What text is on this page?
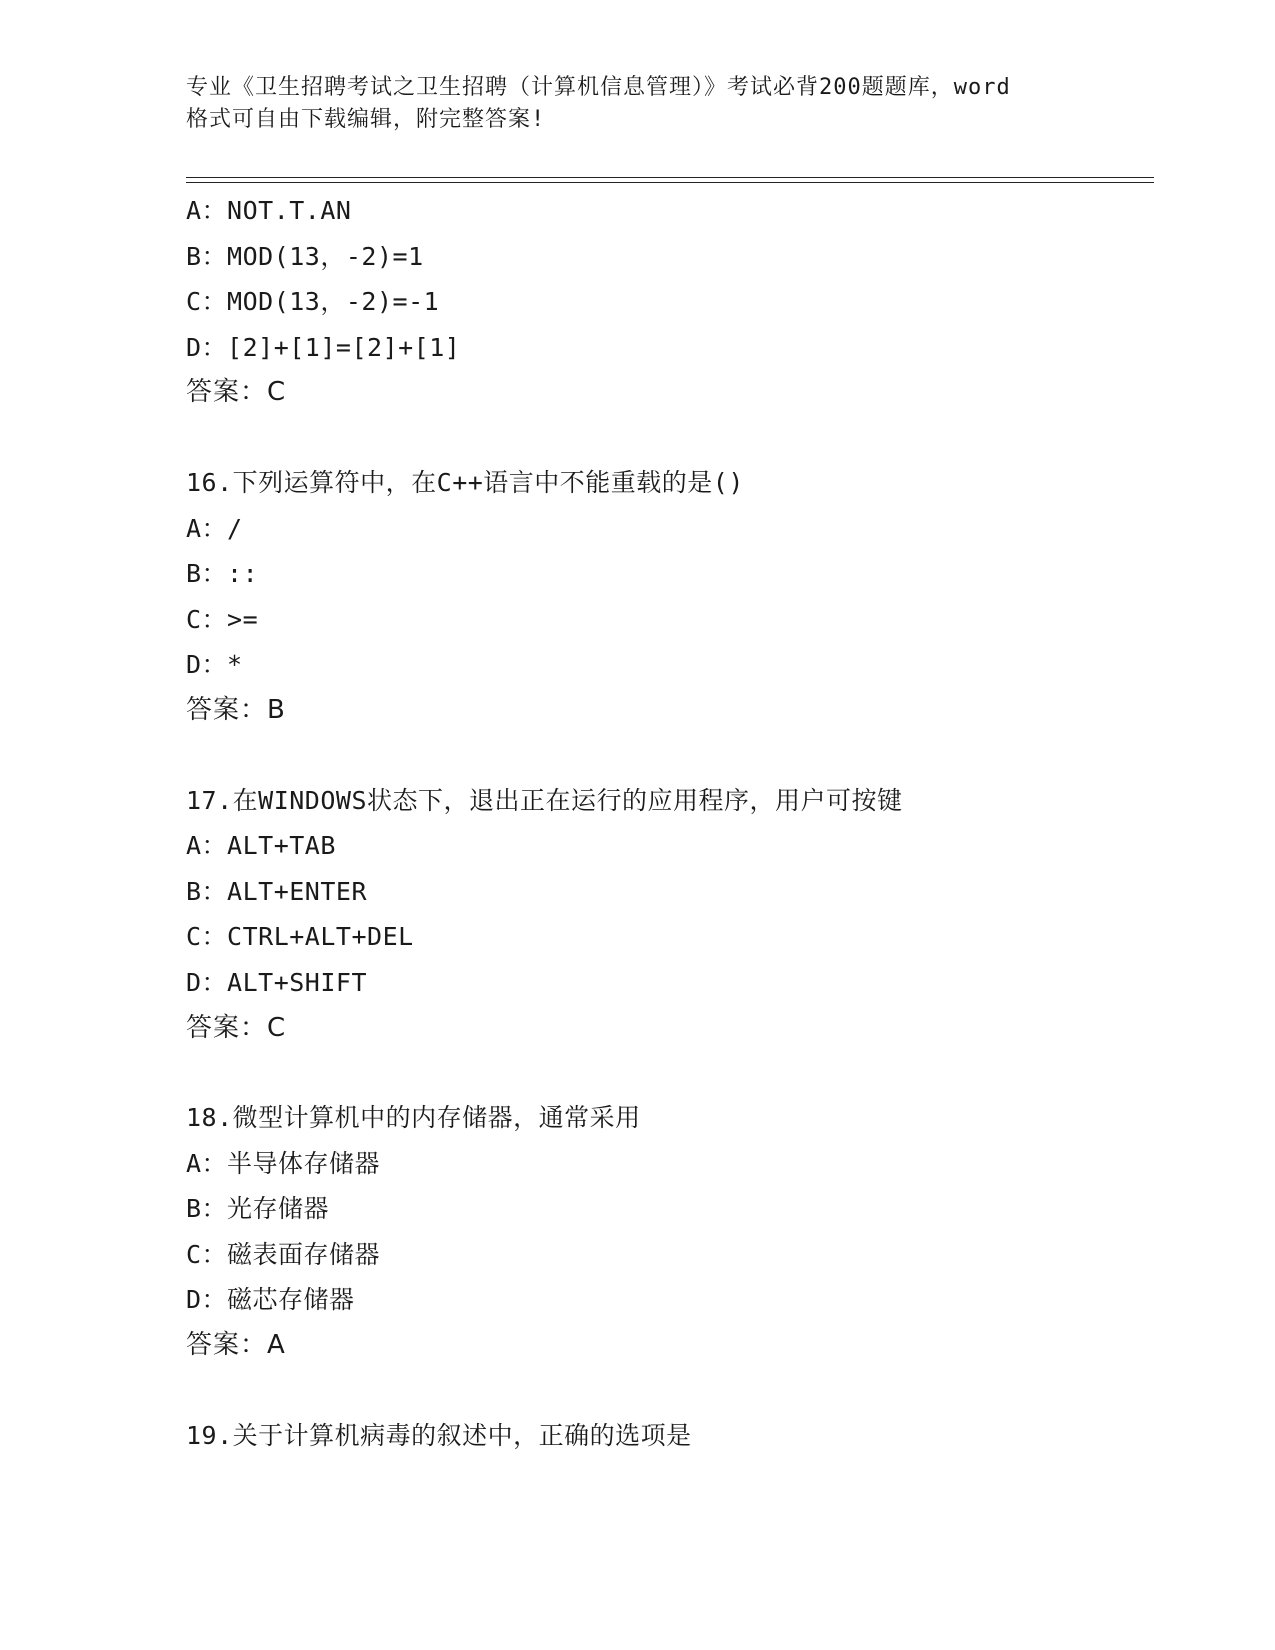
专业《卫生招聘考试之卫生招聘（计算机信息管理）》考试必背200题题库，word
格式可自由下载编辑，附完整答案!
A：NOT.T.AN
B：MOD(13，-2)=1
C：MOD(13，-2)=-1
D：[2]+[1]=[2]+[1]
答案：C
16.下列运算符中，在C++语言中不能重载的是()
A：/
B：::
C：>=
D：*
答案：B
17.在WINDOWS状态下，退出正在运行的应用程序，用户可按键
A：ALT+TAB
B：ALT+ENTER
C：CTRL+ALT+DEL
D：ALT+SHIFT
答案：C
18.微型计算机中的内存储器，通常采用
A：半导体存储器
B：光存储器
C：磁表面存储器
D：磁芯存储器
答案：A
19.关于计算机病毒的叙述中，正确的选项是
